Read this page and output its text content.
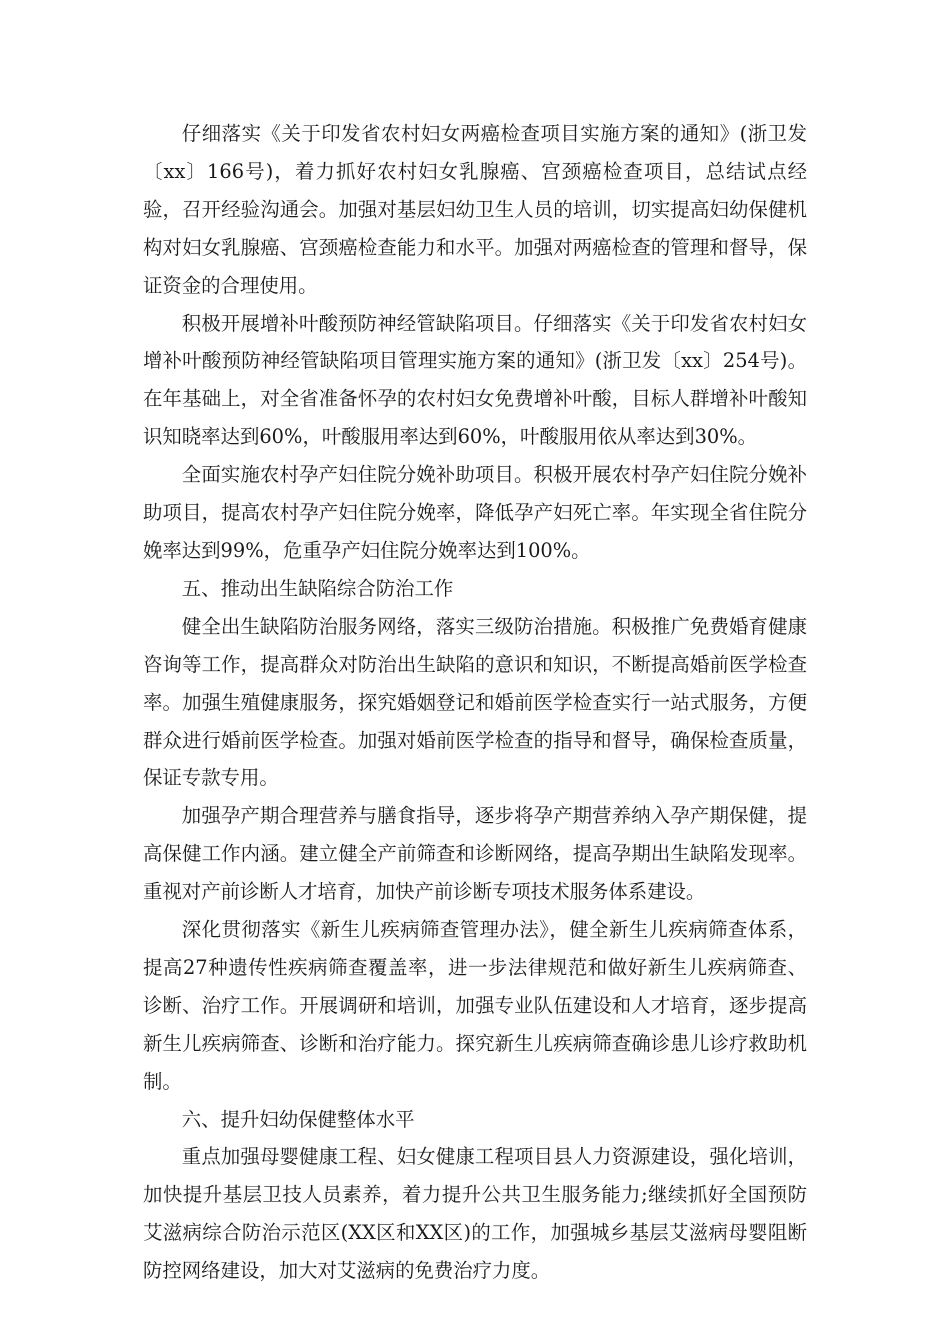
仔细落实《关于印发省农村妇女两癌检查项目实施方案的通知》(浙卫发〔xx〕166号)，着力抓好农村妇女乳腺癌、宫颈癌检查项目，总结试点经验，召开经验沟通会。加强对基层妇幼卫生人员的培训，切实提高妇幼保健机构对妇女乳腺癌、宫颈癌检查能力和水平。加强对两癌检查的管理和督导，保证资金的合理使用。

积极开展增补叶酸预防神经管缺陷项目。仔细落实《关于印发省农村妇女增补叶酸预防神经管缺陷项目管理实施方案的通知》(浙卫发〔xx〕254号)。在年基础上，对全省准备怀孕的农村妇女免费增补叶酸，目标人群增补叶酸知识知晓率达到60%，叶酸服用率达到60%，叶酸服用依从率达到30%。

全面实施农村孕产妇住院分娩补助项目。积极开展农村孕产妇住院分娩补助项目，提高农村孕产妇住院分娩率，降低孕产妇死亡率。年实现全省住院分娩率达到99%，危重孕产妇住院分娩率达到100%。

五、推动出生缺陷综合防治工作

健全出生缺陷防治服务网络，落实三级防治措施。积极推广免费婚育健康咨询等工作，提高群众对防治出生缺陷的意识和知识，不断提高婚前医学检查率。加强生殖健康服务，探究婚姻登记和婚前医学检查实行一站式服务，方便群众进行婚前医学检查。加强对婚前医学检查的指导和督导，确保检查质量，保证专款专用。

加强孕产期合理营养与膳食指导，逐步将孕产期营养纳入孕产期保健，提高保健工作内涵。建立健全产前筛查和诊断网络，提高孕期出生缺陷发现率。重视对产前诊断人才培育，加快产前诊断专项技术服务体系建设。

深化贯彻落实《新生儿疾病筛查管理办法》，健全新生儿疾病筛查体系，提高27种遗传性疾病筛查覆盖率，进一步法律规范和做好新生儿疾病筛查、诊断、治疗工作。开展调研和培训，加强专业队伍建设和人才培育，逐步提高新生儿疾病筛查、诊断和治疗能力。探究新生儿疾病筛查确诊患儿诊疗救助机制。

六、提升妇幼保健整体水平

重点加强母婴健康工程、妇女健康工程项目县人力资源建设，强化培训，加快提升基层卫技人员素养，着力提升公共卫生服务能力;继续抓好全国预防艾滋病综合防治示范区(XX区和XX区)的工作，加强城乡基层艾滋病母婴阻断防控网络建设，加大对艾滋病的免费治疗力度。
